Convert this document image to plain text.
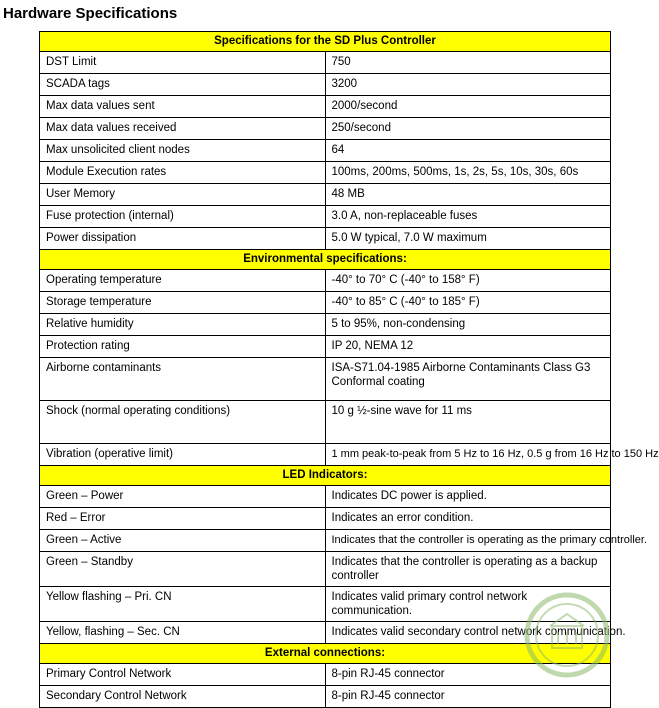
Hardware Specifications
Specifications for the SD Plus Controller	
DST Limit	750
SCADA tags	3200
Max data values sent	2000/second
Max data values received	250/second
Max unsolicited client nodes	64
Module Execution rates	100ms, 200ms, 500ms, 1s, 2s, 5s, 10s, 30s, 60s
User Memory	48 MB
Fuse protection (internal)	3.0 A, non-replaceable fuses
Power dissipation	5.0 W typical, 7.0 W maximum
Environmental specifications:	
Operating temperature	-40° to 70° C (-40° to 158° F)
Storage temperature	-40° to 85° C (-40° to 185° F)
Relative humidity	5 to 95%, non-condensing
Protection rating	IP 20, NEMA 12
Airborne contaminants	ISA-S71.04-1985 Airborne Contaminants Class G3
Conformal coating

Shock (normal operating conditions)	10 g ½-sine wave for 11 ms
Vibration (operative limit)	1 mm peak-to-peak from 5 Hz to 16 Hz, 0.5 g from 16 Hz to 150 Hz
LED Indicators:	
Green – Power	Indicates DC power is applied.
Red – Error	Indicates an error condition.
Green – Active	Indicates that the controller is operating as the primary controller.
Green – Standby	Indicates that the controller is operating as a backup controller
Yellow flashing – Pri. CN	Indicates valid primary control network communication.
Yellow, flashing – Sec. CN	Indicates valid secondary control network communication.
External connections:	
Primary Control Network	8-pin RJ-45 connector
Secondary Control Network	8-pin RJ-45 connector
